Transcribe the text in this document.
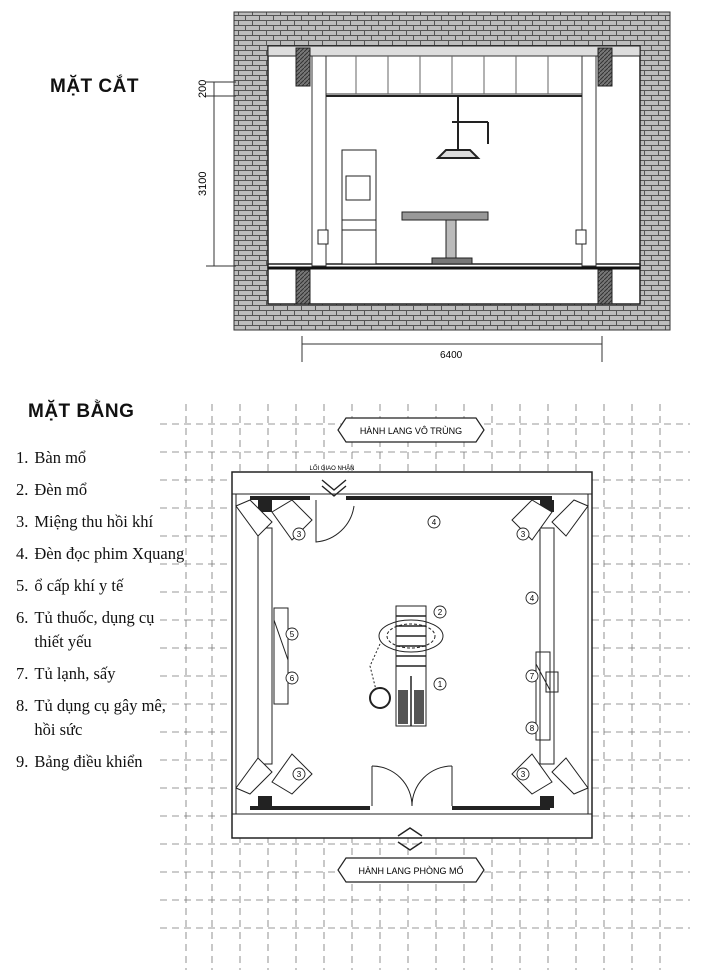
MẶT CẮT	200
3100
6400
MẶT BẰNG
HÀNH LANG VÔ TRÙNG
HÀNH LANG PHÒNG MỔ
LỐI GIAO NHẬN
3	3
3	3
4
4
5
6	7
8
2
1
1. Bàn mổ
2. Đèn mổ
3. Miệng thu hồi khí
4. Đèn đọc phim Xquang
5. ổ cấp khí y tế
6. Tủ thuốc, dụng cụ thiết yếu
7. Tủ lạnh, sấy
8. Tủ dụng cụ gây mê, hồi sức
9. Bảng điều khiển
